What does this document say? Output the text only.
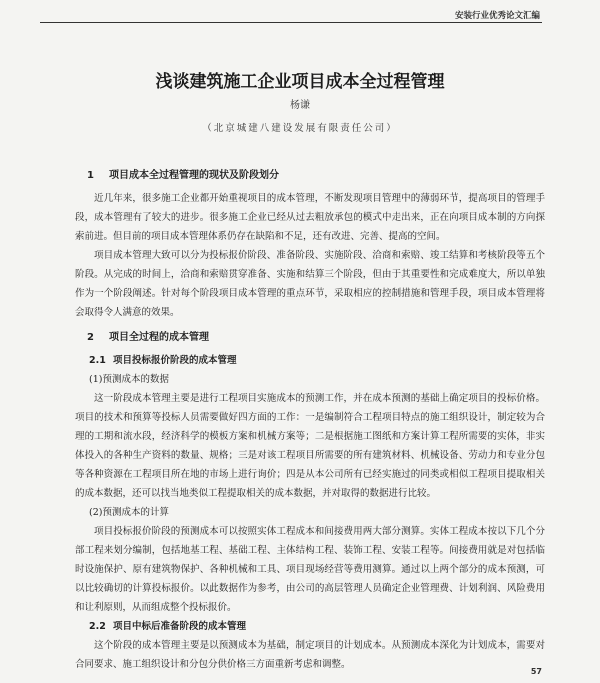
安装行业优秀论文汇编
浅谈建筑施工企业项目成本全过程管理
杨谦
（北京城建八建设发展有限责任公司）
1 项目成本全过程管理的现状及阶段划分

近几年来，很多施工企业都开始重视项目的成本管理，不断发现项目管理中的薄弱环节，提高项目的管理手段，成本管理有了较大的进步。很多施工企业已经从过去粗放承包的模式中走出来，正在向项目成本制的方向探索前进。但目前的项目成本管理体系仍存在缺陷和不足，还有改进、完善、提高的空间。

项目成本管理大致可以分为投标报价阶段、准备阶段、实施阶段、洽商和索赔、竣工结算和考核阶段等五个阶段。从完成的时间上，洽商和索赔贯穿准备、实施和结算三个阶段，但由于其重要性和完成难度大，所以单独作为一个阶段阐述。针对每个阶段项目成本管理的重点环节，采取相应的控制措施和管理手段，项目成本管理将会取得令人满意的效果。

2 项目全过程的成本管理
2.1 项目投标报价阶段的成本管理
(1)预测成本的数据

这一阶段成本管理主要是进行工程项目实施成本的预测工作，并在成本预测的基础上确定项目的投标价格。项目的技术和预算等投标人员需要做好四方面的工作：一是编制符合工程项目特点的施工组织设计，制定较为合理的工期和流水段，经济科学的模板方案和机械方案等；二是根据施工图纸和方案计算工程所需要的实体，非实体投入的各种生产资料的数量、规格；三是对该工程项目所需要的所有建筑材料、机械设备、劳动力和专业分包等各种资源在工程项目所在地的市场上进行询价；四是从本公司所有已经实施过的同类或相似工程项目提取相关的成本数据，还可以找当地类似工程提取相关的成本数据，并对取得的数据进行比较。

(2)预测成本的计算

项目投标报价阶段的预测成本可以按照实体工程成本和间接费用两大部分测算。实体工程成本按以下几个分部工程来划分编制，包括地基工程、基础工程、主体结构工程、装饰工程、安装工程等。间接费用就是对包括临时设施保护、原有建筑物保护、各种机械和工具、项目现场经营等费用测算。通过以上两个部分的成本预测，可以比较确切的计算投标报价。以此数据作为参考，由公司的高层管理人员确定企业管理费、计划利润、风险费用和让利原则，从而组成整个投标报价。

2.2 项目中标后准备阶段的成本管理

这个阶段的成本管理主要是以预测成本为基础，制定项目的计划成本。从预测成本深化为计划成本，需要对合同要求、施工组织设计和分包分供价格三方面重新考虑和调整。

57
